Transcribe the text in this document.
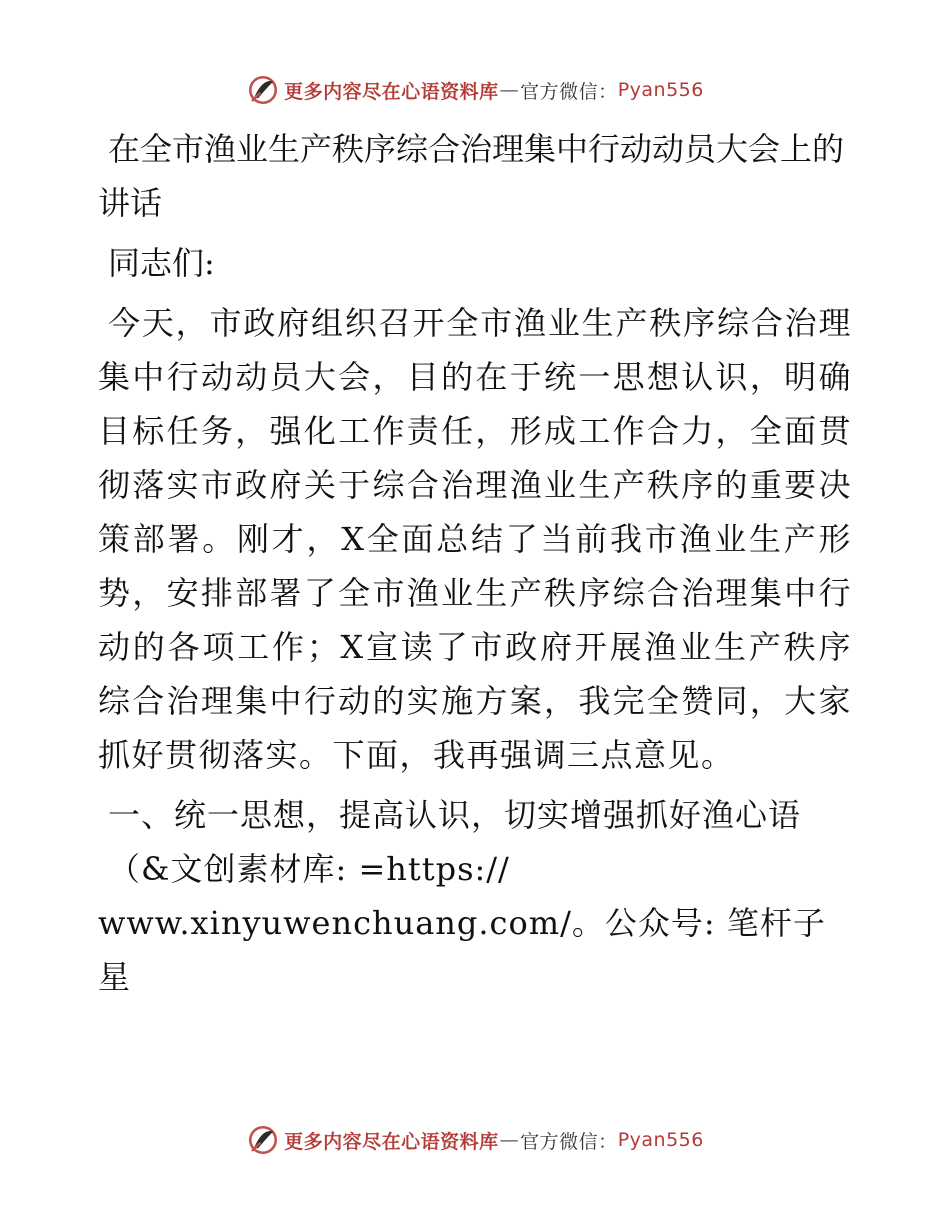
更多内容尽在心语资料库 — 官方微信： Pyan556
在全市渔业生产秩序综合治理集中行动动员大会上的讲话

同志们:

今天，市政府组织召开全市渔业生产秩序综合治理集中行动动员大会，目的在于统一思想认识，明确目标任务，强化工作责任，形成工作合力，全面贯彻落实市政府关于综合治理渔业生产秩序的重要决策部署。刚才，X全面总结了当前我市渔业生产形势，安排部署了全市渔业生产秩序综合治理集中行动的各项工作；X宣读了市政府开展渔业生产秩序综合治理集中行动的实施方案，我完全赞同，大家抓好贯彻落实。下面，我再强调三点意见。

一、统一思想，提高认识，切实增强抓好渔心语
（&文创素材库: =https://
www.xinyuwenchuang.com/。公众号: 笔杆子星

更多内容尽在心语资料库 — 官方微信： Pyan556
